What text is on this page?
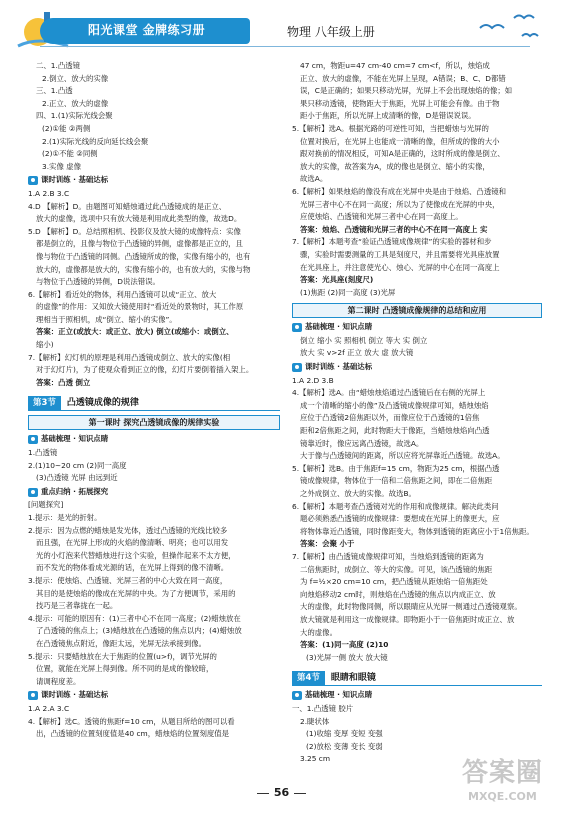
阳光课堂 金牌练习册	物理 八年级上册
二、1.凸透镜
2.倒立、放大的实像
三、1.凸透
2.正立、放大的虚像
四、1.(1)实际光线会聚
(2)①能 ②两侧
2.(1)实际光线的反向延长线会聚
(2)①不能 ②同侧
3.实像 虚像
课时训练 · 基础达标
1.A 2.B 3.C
4.D 【解析】D。由题图可知蜡烛通过此凸透镜成的是正立、
放大的虚像，选项中只有放大镜是利用成此类型的像，故选D。
5.D 【解析】D。总结照相机、投影仪及放大镜的成像特点：实像
都是倒立的，且像与物位于凸透镜的异侧，虚像都是正立的，且
像与物位于凸透镜的同侧。凸透镜所成的像，实像有缩小的，也有
放大的，虚像都是放大的，实像有缩小的，也有放大的，实像与物
与物位于凸透镜的异侧，D说法错误。
6.【解析】看近处的物体，利用凸透镜可以成“正立、放大
的虚像”的作用：又知放大镜使用时“看近处的景物时，其工作原
理相当于照相机，成“倒立、缩小的实像”。
答案：正立(或放大：或正立、放大) 倒立(或缩小：或倒立、
缩小)
7.【解析】幻灯机的原理是利用凸透镜成倒立、放大的实像(相
对于幻灯片)，为了使观众看到正立的像，幻灯片要倒着插入架上。
答案：凸透 倒立
第3节	凸透镜成像的规律
第一课时 探究凸透镜成像的规律实验
基础梳理 · 知识点睛
1.凸透镜
2.(1)10~20 cm (2)同一高度
(3)凸透镜 光屏 由远到近
重点归纳 · 拓展探究
[问题探究]
1.提示：是光的折射。
2.提示：因为点燃的蜡烛是发光体，透过凸透镜的光线比较多
而且强，在光屏上形成的火焰的像清晰、明亮；也可以用发
光的小灯泡来代替蜡烛进行这个实验，但操作起来不太方便，
而不发光的物体看成光源的话，在光屏上得到的像不清晰。
3.提示：使烛焰、凸透镜、光屏三者的中心大致在同一高度，
其目的是使烛焰的像成在光屏的中央。为了方便调节，采用的
技巧是三者靠拢在一起。
4.提示：可能的原因有：(1)三者中心不在同一高度；(2)蜡烛放在
了凸透镜的焦点上；(3)蜡烛放在凸透镜的焦点以内；(4)蜡烛放
在凸透镜焦点附近，像距太远，光屏无法承接到像。
5.提示：只要蜡烛放在大于焦距的位置(u>f)，调节光屏的
位置，就能在光屏上得到像。所不同的是成的像较暗，
请调程度差。
课时训练 · 基础达标
1.A 2.A 3.C
4.【解析】选C。透镜的焦距f=10 cm，从题目所给的图可以看
出，凸透镜的位置刻度值是40 cm，蜡烛焰的位置刻度值是
47 cm，物距u=47 cm-40 cm=7 cm<f，所以，烛焰成
正立、放大的虚像，不能在光屏上呈现，A错误；B、C、D都错
误，C是正确的；如果只移动光屏，光屏上不会出现烛焰的像；如
果只移动透镜，使物距大于焦距，光屏上可能会有像。由于物
距小于焦距，所以光屏上成清晰的像，D是错误说误。
5.【解析】选A。根据光路的可逆性可知，当把蜡烛与光屏的
位置对换后，在光屏上也能成一清晰的像，但所成的像的大小
跟对换前的情况相反，可知A是正确的，这时所成的像是倒立、
放大的实像，故答案为A，成的像也是倒立、缩小的实像，
故选A。
6.【解析】如果烛焰的像没有成在光屏中央是由于烛焰、凸透镜和
光屏三者中心不在同一高度；所以为了使像成在光屏的中央，
应使烛焰、凸透镜和光屏三者中心在同一高度上。
答案：烛焰、凸透镜和光屏三者的中心不在同一高度上 实
7.【解析】本题考查“验证凸透镜成像规律”的实验的器材和步
骤，实验时需要测量的工具是刻度尺，并且需要将光具座放置
在光具座上，并注意使光心、烛心、光屏的中心在同一高度上
答案：光具座(刻度尺)
(1)焦距 (2)同一高度 (3)光屏
第二课时 凸透镜成像规律的总结和应用
基础梳理 · 知识点睛
倒立 缩小 实 照相机 倒立 等大 实 倒立
放大 实 v>2f 正立 放大 虚 放大镜
课时训练 · 基础达标
1.A 2.D 3.B
4.【解析】选A。由“蜡烛烛焰通过凸透镜后在右侧的光屏上
成一个清晰的缩小的像”及凸透镜成像规律可知，蜡烛烛焰
应位于凸透镜2倍焦距以外，而像应位于凸透镜的1倍焦
距和2倍焦距之间，此时物距大于像距，当蜡烛烛焰向凸透
镜靠近时，像应远离凸透镜，故选A。
大于像与凸透镜间的距离，所以应将光屏靠近凸透镜。故选A。
5.【解析】选B。由于焦距f=15 cm，物距为25 cm，根据凸透
镜成像规律，物体位于一倍和二倍焦距之间，即在二倍焦距
之外成倒立、放大的实像。故选B。
6.【解析】本题考查凸透镜对光的作用和成像规律。解决此类问
题必须熟悉凸透镜的成像规律：要想成在光屏上的像更大，应
将物体靠近凸透镜，同时像距变大，物体到透镜的距离应小于1倍焦距。
答案：会聚 小于
7.【解析】由凸透镜成像规律可知，当烛焰到透镜的距离为
二倍焦距时，成倒立、等大的实像。可见，该凸透镜的焦距
为 f=½×20 cm=10 cm，把凸透镜从距烛焰一倍焦距处
向烛焰移动2 cm时，则烛焰在凸透镜的焦点以内成正立、放
大的虚像，此时物像同侧，所以眼睛应从光屏一侧通过凸透镜观察。
放大镜就是利用这一成像规律。即物距小于一倍焦距时成正立、放
大的虚像。
答案：(1)同一高度 (2)10
(3)光屏一侧 放大 放大镜
第4节	眼睛和眼镜
基础梳理 · 知识点睛
一、1.凸透镜 胶片
2.睫状体
(1)收缩 变厚 变短 变强
(2)放松 变薄 变长 变弱
3.25 cm
56
答案圈
MXQE.COM
